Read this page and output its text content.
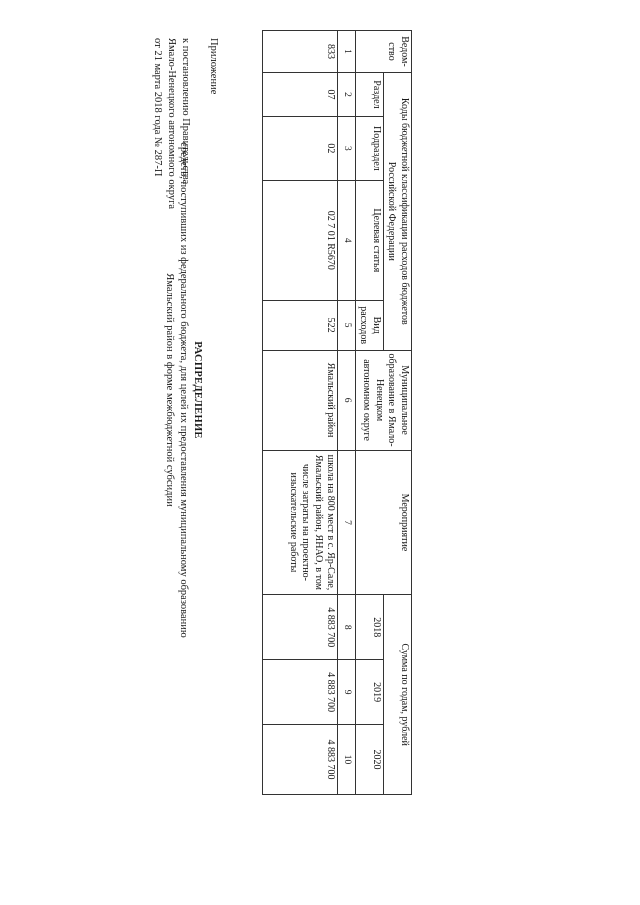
Приложение
к постановлению Правительства
Ямало-Ненецкого автономного округа
от 21 марта 2018 года № 287-П
РАСПРЕДЕЛЕНИЕ
средств, поступивших из федерального бюджета, для целей их предоставления муниципальному образованию
Ямальский район в форме межбюджетной субсидии
Ведом-ство	Коды бюджетной классификации расходов бюджетов Российской Федерации				Муниципальное образование в Ямало-Ненецком автономном округе	Мероприятие	Сумма по годам, рублей		
	Раздел	Подраздел	Целевая статья	Вид расходов			2018	2019	2020
1	2	3	4	5	6	7	8	9	10
833	07	02	02 7 01 R5670	522	Ямальский район	школа на 800 мест в с. Яр-Сале, Ямальский район, ЯНАО, в том числе затраты на проектно-изыскательские работы	4 883 700	4 883 700	4 883 700
